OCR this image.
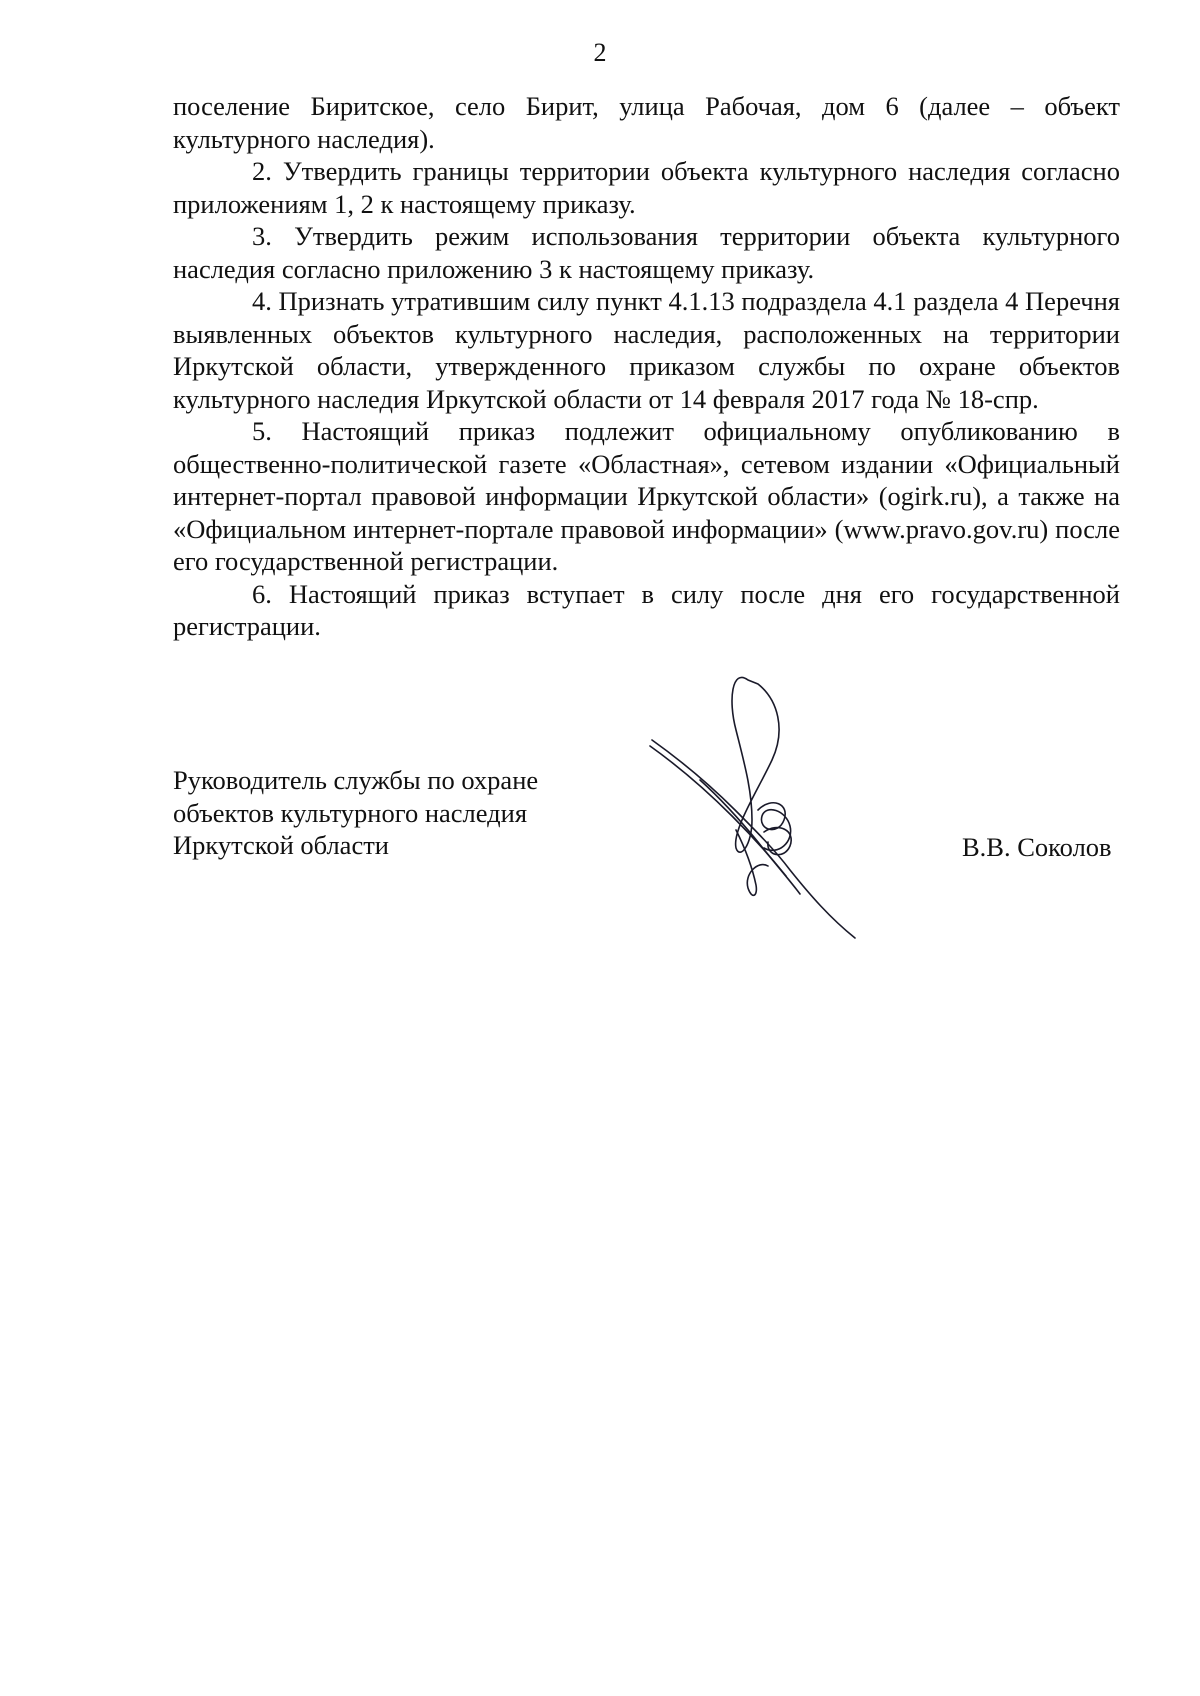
2

поселение Биритское, село Бирит, улица Рабочая, дом 6 (далее – объект культурного наследия).

2. Утвердить границы территории объекта культурного наследия согласно приложениям 1, 2 к настоящему приказу.

3. Утвердить режим использования территории объекта культурного наследия согласно приложению 3 к настоящему приказу.

4. Признать утратившим силу пункт 4.1.13 подраздела 4.1 раздела 4 Перечня выявленных объектов культурного наследия, расположенных на территории Иркутской области, утвержденного приказом службы по охране объектов культурного наследия Иркутской области от 14 февраля 2017 года № 18-спр.

5. Настоящий приказ подлежит официальному опубликованию в общественно-политической газете «Областная», сетевом издании «Официальный интернет-портал правовой информации Иркутской области» (ogirk.ru), а также на «Официальном интернет-портале правовой информации» (www.pravo.gov.ru) после его государственной регистрации.

6. Настоящий приказ вступает в силу после дня его государственной регистрации.

Руководитель службы по охране
объектов культурного наследия
Иркутской области	В.В. Соколов
